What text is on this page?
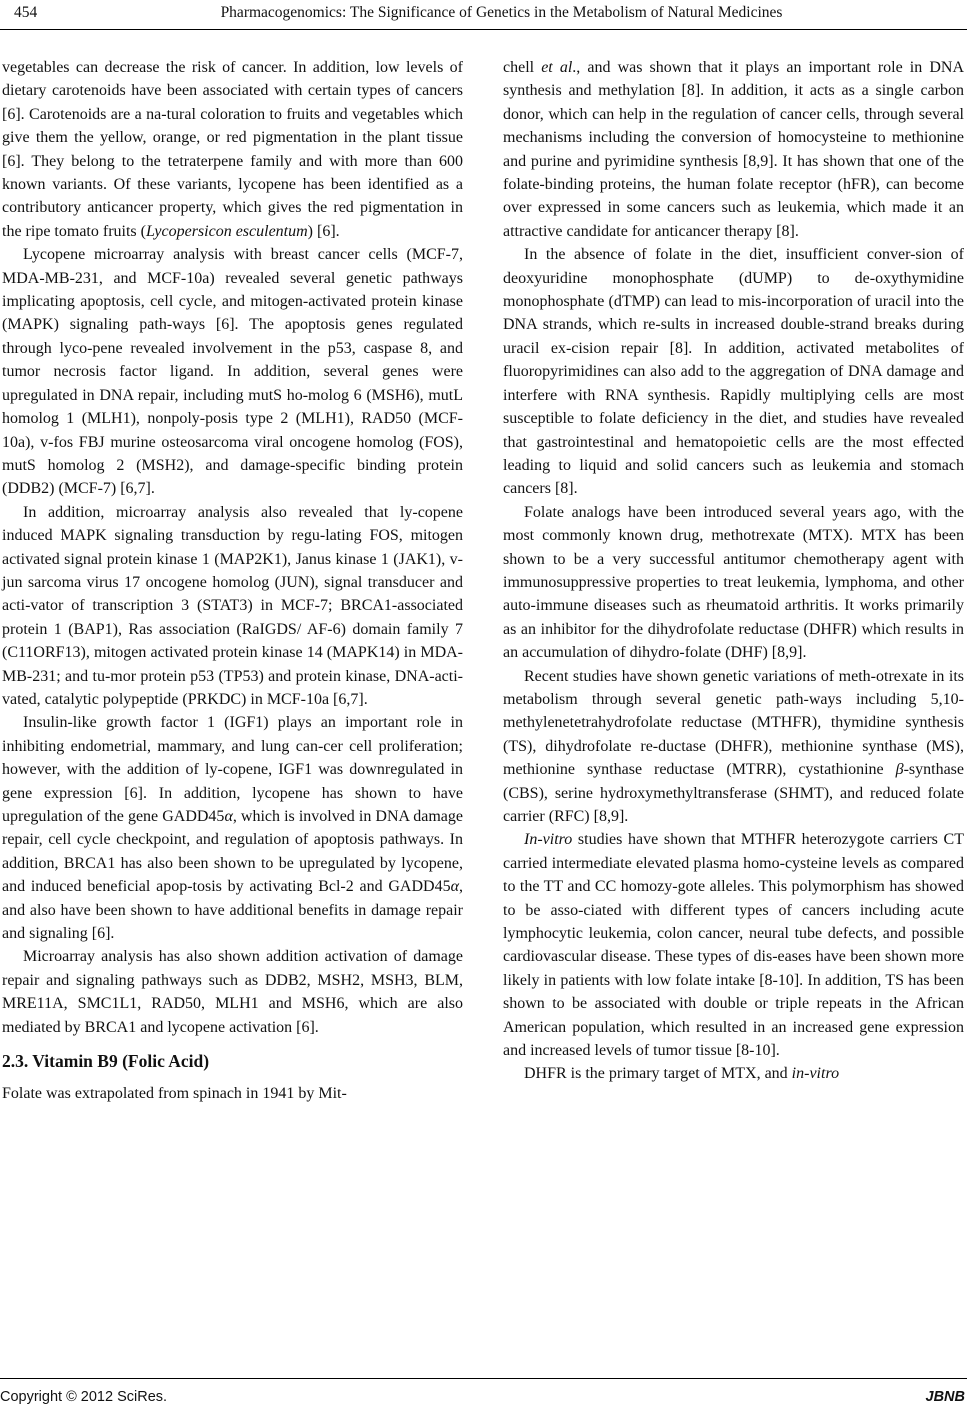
454	Pharmacogenomics: The Significance of Genetics in the Metabolism of Natural Medicines

vegetables can decrease the risk of cancer. In addition, low levels of dietary carotenoids have been associated with certain types of cancers [6]. Carotenoids are a na-tural coloration to fruits and vegetables which give them the yellow, orange, or red pigmentation in the plant tissue [6]. They belong to the tetraterpene family and with more than 600 known variants. Of these variants, lycopene has been identified as a contributory anticancer property, which gives the red pigmentation in the ripe tomato fruits (Lycopersicon esculentum) [6].

Lycopene microarray analysis with breast cancer cells (MCF-7, MDA-MB-231, and MCF-10a) revealed several genetic pathways implicating apoptosis, cell cycle, and mitogen-activated protein kinase (MAPK) signaling path-ways [6]. The apoptosis genes regulated through lyco-pene revealed involvement in the p53, caspase 8, and tumor necrosis factor ligand. In addition, several genes were upregulated in DNA repair, including mutS ho-molog 6 (MSH6), mutL homolog 1 (MLH1), nonpoly-posis type 2 (MLH1), RAD50 (MCF-10a), v-fos FBJ murine osteosarcoma viral oncogene homolog (FOS), mutS homolog 2 (MSH2), and damage-specific binding protein (DDB2) (MCF-7) [6,7].

In addition, microarray analysis also revealed that ly-copene induced MAPK signaling transduction by regu-lating FOS, mitogen activated signal protein kinase 1 (MAP2K1), Janus kinase 1 (JAK1), v-jun sarcoma virus 17 oncogene homolog (JUN), signal transducer and acti-vator of transcription 3 (STAT3) in MCF-7; BRCA1-associated protein 1 (BAP1), Ras association (RaIGDS/ AF-6) domain family 7 (C11ORF13), mitogen activated protein kinase 14 (MAPK14) in MDA-MB-231; and tu-mor protein p53 (TP53) and protein kinase, DNA-acti-vated, catalytic polypeptide (PRKDC) in MCF-10a [6,7].

Insulin-like growth factor 1 (IGF1) plays an important role in inhibiting endometrial, mammary, and lung can-cer cell proliferation; however, with the addition of ly-copene, IGF1 was downregulated in gene expression [6]. In addition, lycopene has shown to have upregulation of the gene GADD45α, which is involved in DNA damage repair, cell cycle checkpoint, and regulation of apoptosis pathways. In addition, BRCA1 has also been shown to be upregulated by lycopene, and induced beneficial apop-tosis by activating Bcl-2 and GADD45α, and also have been shown to have additional benefits in damage repair and signaling [6].

Microarray analysis has also shown addition activation of damage repair and signaling pathways such as DDB2, MSH2, MSH3, BLM, MRE11A, SMC1L1, RAD50, MLH1 and MSH6, which are also mediated by BRCA1 and lycopene activation [6].

2.3. Vitamin B9 (Folic Acid)

Folate was extrapolated from spinach in 1941 by Mit-

chell et al., and was shown that it plays an important role in DNA synthesis and methylation [8]. In addition, it acts as a single carbon donor, which can help in the regulation of cancer cells, through several mechanisms including the conversion of homocysteine to methionine and purine and pyrimidine synthesis [8,9]. It has shown that one of the folate-binding proteins, the human folate receptor (hFR), can become over expressed in some cancers such as leukemia, which made it an attractive candidate for anticancer therapy [8].

In the absence of folate in the diet, insufficient conver-sion of deoxyuridine monophosphate (dUMP) to de-oxythymidine monophosphate (dTMP) can lead to mis-incorporation of uracil into the DNA strands, which re-sults in increased double-strand breaks during uracil ex-cision repair [8]. In addition, activated metabolites of fluoropyrimidines can also add to the aggregation of DNA damage and interfere with RNA synthesis. Rapidly multiplying cells are most susceptible to folate deficiency in the diet, and studies have revealed that gastrointestinal and hematopoietic cells are the most effected leading to liquid and solid cancers such as leukemia and stomach cancers [8].

Folate analogs have been introduced several years ago, with the most commonly known drug, methotrexate (MTX). MTX has been shown to be a very successful antitumor chemotherapy agent with immunosuppressive properties to treat leukemia, lymphoma, and other auto-immune diseases such as rheumatoid arthritis. It works primarily as an inhibitor for the dihydrofolate reductase (DHFR) which results in an accumulation of dihydro-folate (DHF) [8,9].

Recent studies have shown genetic variations of meth-otrexate in its metabolism through several genetic path-ways including 5,10-methylenetetrahydrofolate reductase (MTHFR), thymidine synthesis (TS), dihydrofolate re-ductase (DHFR), methionine synthase (MS), methionine synthase reductase (MTRR), cystathionine β-synthase (CBS), serine hydroxymethyltransferase (SHMT), and reduced folate carrier (RFC) [8,9].

In-vitro studies have shown that MTHFR heterozygote carriers CT carried intermediate elevated plasma homo-cysteine levels as compared to the TT and CC homozy-gote alleles. This polymorphism has showed to be asso-ciated with different types of cancers including acute lymphocytic leukemia, colon cancer, neural tube defects, and possible cardiovascular disease. These types of dis-eases have been shown more likely in patients with low folate intake [8-10]. In addition, TS has been shown to be associated with double or triple repeats in the African American population, which resulted in an increased gene expression and increased levels of tumor tissue [8-10].

DHFR is the primary target of MTX, and in-vitro

Copyright © 2012 SciRes.	JBNB
